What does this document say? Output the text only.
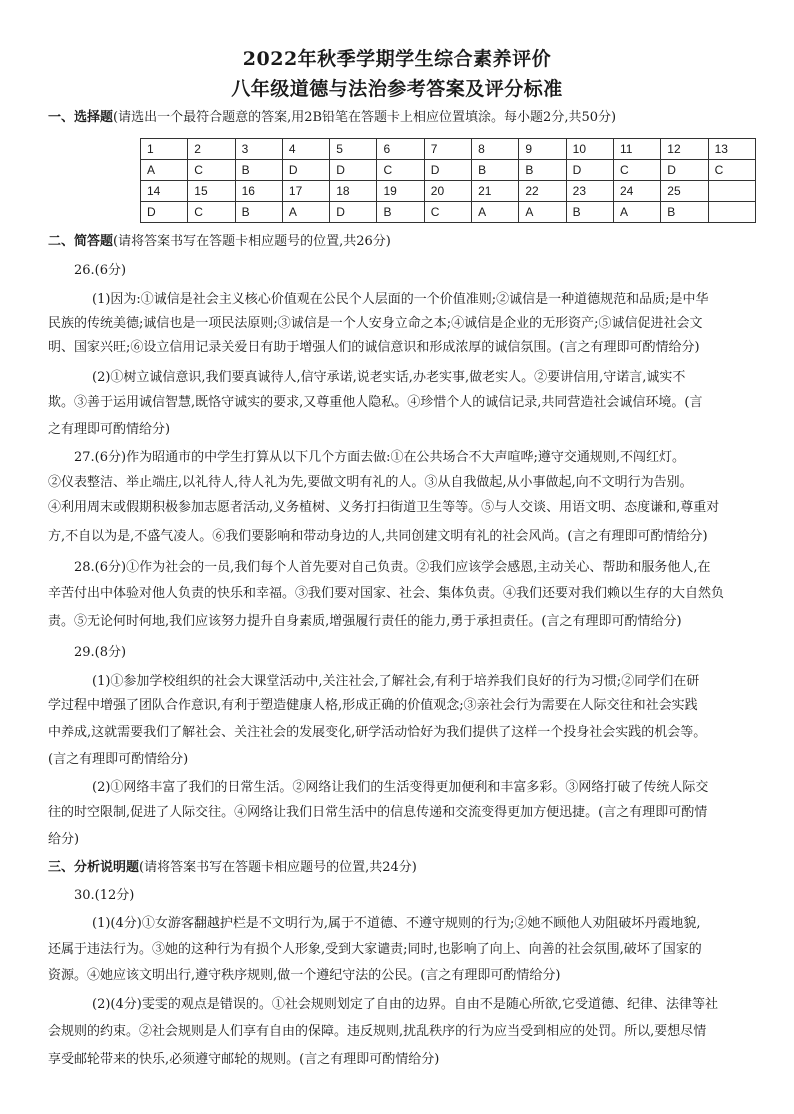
2022年秋季学期学生综合素养评价
八年级道德与法治参考答案及评分标准
一、选择题(请选出一个最符合题意的答案,用2B铅笔在答题卡上相应位置填涂。每小题2分,共50分)
1	2	3	4	5	6	7	8	9	10	11	12	13
A	C	B	D	D	C	D	B	B	D	C	D	C
14	15	16	17	18	19	20	21	22	23	24	25	
D	C	B	A	D	B	C	A	A	B	A	B	
二、简答题(请将答案书写在答题卡相应题号的位置,共26分)
26.(6分)
(1)因为:①诚信是社会主义核心价值观在公民个人层面的一个价值准则;②诚信是一种道德规范和品质;是中华
民族的传统美德;诚信也是一项民法原则;③诚信是一个人安身立命之本;④诚信是企业的无形资产;⑤诚信促进社会文
明、国家兴旺;⑥设立信用记录关爱日有助于增强人们的诚信意识和形成浓厚的诚信氛围。(言之有理即可酌情给分)
(2)①树立诚信意识,我们要真诚待人,信守承诺,说老实话,办老实事,做老实人。②要讲信用,守诺言,诚实不
欺。③善于运用诚信智慧,既恪守诚实的要求,又尊重他人隐私。④珍惜个人的诚信记录,共同营造社会诚信环境。(言
之有理即可酌情给分)
27.(6分)作为昭通市的中学生打算从以下几个方面去做:①在公共场合不大声喧哗;遵守交通规则,不闯红灯。
②仪表整洁、举止端庄,以礼待人,待人礼为先,要做文明有礼的人。③从自我做起,从小事做起,向不文明行为告别。
④利用周末或假期积极参加志愿者活动,义务植树、义务打扫街道卫生等等。⑤与人交谈、用语文明、态度谦和,尊重对
方,不自以为是,不盛气凌人。⑥我们要影响和带动身边的人,共同创建文明有礼的社会风尚。(言之有理即可酌情给分)
28.(6分)①作为社会的一员,我们每个人首先要对自己负责。②我们应该学会感恩,主动关心、帮助和服务他人,在
辛苦付出中体验对他人负责的快乐和幸福。③我们要对国家、社会、集体负责。④我们还要对我们赖以生存的大自然负
责。⑤无论何时何地,我们应该努力提升自身素质,增强履行责任的能力,勇于承担责任。(言之有理即可酌情给分)
29.(8分)
(1)①参加学校组织的社会大课堂活动中,关注社会,了解社会,有利于培养我们良好的行为习惯;②同学们在研
学过程中增强了团队合作意识,有利于塑造健康人格,形成正确的价值观念;③亲社会行为需要在人际交往和社会实践
中养成,这就需要我们了解社会、关注社会的发展变化,研学活动恰好为我们提供了这样一个投身社会实践的机会等。
(言之有理即可酌情给分)
(2)①网络丰富了我们的日常生活。②网络让我们的生活变得更加便利和丰富多彩。③网络打破了传统人际交
往的时空限制,促进了人际交往。④网络让我们日常生活中的信息传递和交流变得更加方便迅捷。(言之有理即可酌情
给分)
三、分析说明题(请将答案书写在答题卡相应题号的位置,共24分)
30.(12分)
(1)(4分)①女游客翻越护栏是不文明行为,属于不道德、不遵守规则的行为;②她不顾他人劝阻破坏丹霞地貌,
还属于违法行为。③她的这种行为有损个人形象,受到大家谴责;同时,也影响了向上、向善的社会氛围,破坏了国家的
资源。④她应该文明出行,遵守秩序规则,做一个遵纪守法的公民。(言之有理即可酌情给分)
(2)(4分)雯雯的观点是错误的。①社会规则划定了自由的边界。自由不是随心所欲,它受道德、纪律、法律等社
会规则的约束。②社会规则是人们享有自由的保障。违反规则,扰乱秩序的行为应当受到相应的处罚。所以,要想尽情
享受邮轮带来的快乐,必须遵守邮轮的规则。(言之有理即可酌情给分)
